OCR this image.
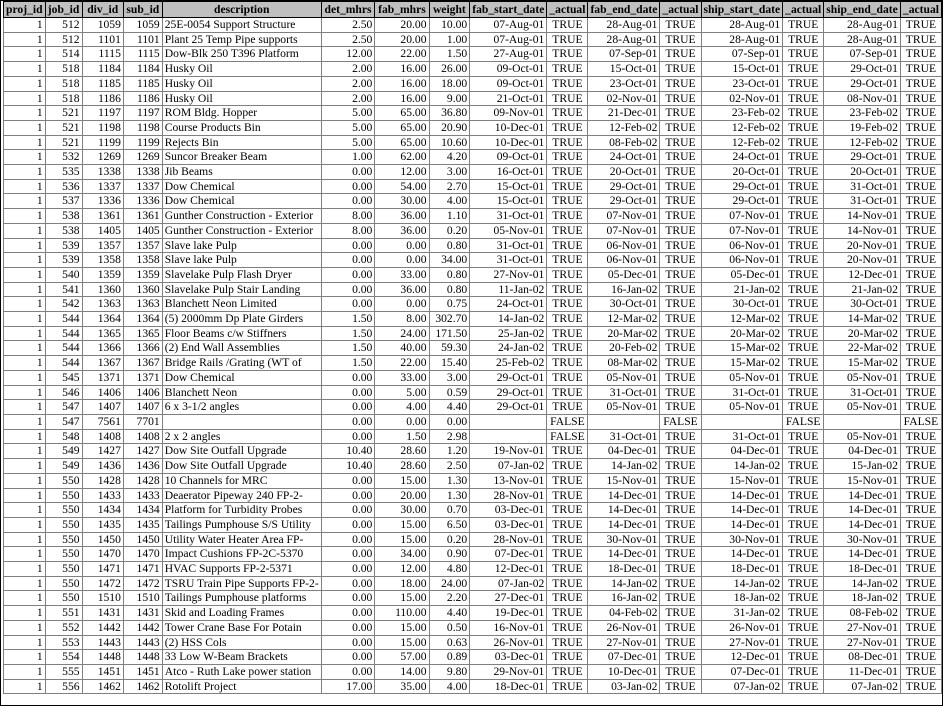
proj_id	job_id	div_id	sub_id	description	det_mhrs	fab_mhrs	weight	fab_start_date	_actual	fab_end_date	_actual	ship_start_date	_actual	ship_end_date	_actual
1	512	1059	1059	25E-0054 Support Structure	2.50	20.00	10.00	07-Aug-01	TRUE	28-Aug-01	TRUE	28-Aug-01	TRUE	28-Aug-01	TRUE
1	512	1101	1101	Plant 25 Temp Pipe supports	2.50	20.00	1.00	07-Aug-01	TRUE	28-Aug-01	TRUE	28-Aug-01	TRUE	28-Aug-01	TRUE
1	514	1115	1115	Dow-Blk 250 T396 Platform	12.00	22.00	1.50	27-Aug-01	TRUE	07-Sep-01	TRUE	07-Sep-01	TRUE	07-Sep-01	TRUE
1	518	1184	1184	Husky Oil	2.00	16.00	26.00	09-Oct-01	TRUE	15-Oct-01	TRUE	15-Oct-01	TRUE	29-Oct-01	TRUE
1	518	1185	1185	Husky Oil	2.00	16.00	18.00	09-Oct-01	TRUE	23-Oct-01	TRUE	23-Oct-01	TRUE	29-Oct-01	TRUE
1	518	1186	1186	Husky Oil	2.00	16.00	9.00	21-Oct-01	TRUE	02-Nov-01	TRUE	02-Nov-01	TRUE	08-Nov-01	TRUE
1	521	1197	1197	ROM Bldg. Hopper	5.00	65.00	36.80	09-Nov-01	TRUE	21-Dec-01	TRUE	23-Feb-02	TRUE	23-Feb-02	TRUE
1	521	1198	1198	Course Products Bin	5.00	65.00	20.90	10-Dec-01	TRUE	12-Feb-02	TRUE	12-Feb-02	TRUE	19-Feb-02	TRUE
1	521	1199	1199	Rejects Bin	5.00	65.00	10.60	10-Dec-01	TRUE	08-Feb-02	TRUE	12-Feb-02	TRUE	12-Feb-02	TRUE
1	532	1269	1269	Suncor Breaker Beam	1.00	62.00	4.20	09-Oct-01	TRUE	24-Oct-01	TRUE	24-Oct-01	TRUE	29-Oct-01	TRUE
1	535	1338	1338	Jib Beams	0.00	12.00	3.00	16-Oct-01	TRUE	20-Oct-01	TRUE	20-Oct-01	TRUE	20-Oct-01	TRUE
1	536	1337	1337	Dow Chemical	0.00	54.00	2.70	15-Oct-01	TRUE	29-Oct-01	TRUE	29-Oct-01	TRUE	31-Oct-01	TRUE
1	537	1336	1336	Dow Chemical	0.00	30.00	4.00	15-Oct-01	TRUE	29-Oct-01	TRUE	29-Oct-01	TRUE	31-Oct-01	TRUE
1	538	1361	1361	Gunther Construction - Exterior	8.00	36.00	1.10	31-Oct-01	TRUE	07-Nov-01	TRUE	07-Nov-01	TRUE	14-Nov-01	TRUE
1	538	1405	1405	Gunther Construction - Exterior	8.00	36.00	0.20	05-Nov-01	TRUE	07-Nov-01	TRUE	07-Nov-01	TRUE	14-Nov-01	TRUE
1	539	1357	1357	Slave lake Pulp	0.00	0.00	0.80	31-Oct-01	TRUE	06-Nov-01	TRUE	06-Nov-01	TRUE	20-Nov-01	TRUE
1	539	1358	1358	Slave lake Pulp	0.00	0.00	34.00	31-Oct-01	TRUE	06-Nov-01	TRUE	06-Nov-01	TRUE	20-Nov-01	TRUE
1	540	1359	1359	Slavelake Pulp Flash Dryer	0.00	33.00	0.80	27-Nov-01	TRUE	05-Dec-01	TRUE	05-Dec-01	TRUE	12-Dec-01	TRUE
1	541	1360	1360	Slavelake Pulp Stair Landing	0.00	36.00	0.80	11-Jan-02	TRUE	16-Jan-02	TRUE	21-Jan-02	TRUE	21-Jan-02	TRUE
1	542	1363	1363	Blanchett Neon Limited	0.00	0.00	0.75	24-Oct-01	TRUE	30-Oct-01	TRUE	30-Oct-01	TRUE	30-Oct-01	TRUE
1	544	1364	1364	(5) 2000mm Dp Plate Girders	1.50	8.00	302.70	14-Jan-02	TRUE	12-Mar-02	TRUE	12-Mar-02	TRUE	14-Mar-02	TRUE
1	544	1365	1365	Floor Beams c/w Stiffners	1.50	24.00	171.50	25-Jan-02	TRUE	20-Mar-02	TRUE	20-Mar-02	TRUE	20-Mar-02	TRUE
1	544	1366	1366	(2) End Wall Assemblies	1.50	40.00	59.30	24-Jan-02	TRUE	20-Feb-02	TRUE	15-Mar-02	TRUE	22-Mar-02	TRUE
1	544	1367	1367	Bridge Rails /Grating (WT of	1.50	22.00	15.40	25-Feb-02	TRUE	08-Mar-02	TRUE	15-Mar-02	TRUE	15-Mar-02	TRUE
1	545	1371	1371	Dow Chemical	0.00	33.00	3.00	29-Oct-01	TRUE	05-Nov-01	TRUE	05-Nov-01	TRUE	05-Nov-01	TRUE
1	546	1406	1406	Blanchett Neon	0.00	5.00	0.59	29-Oct-01	TRUE	31-Oct-01	TRUE	31-Oct-01	TRUE	31-Oct-01	TRUE
1	547	1407	1407	6 x 3-1/2 angles	0.00	4.00	4.40	29-Oct-01	TRUE	05-Nov-01	TRUE	05-Nov-01	TRUE	05-Nov-01	TRUE
1	547	7561	7701		0.00	0.00	0.00		FALSE		FALSE		FALSE		FALSE
1	548	1408	1408	2 x 2 angles	0.00	1.50	2.98		FALSE	31-Oct-01	TRUE	31-Oct-01	TRUE	05-Nov-01	TRUE
1	549	1427	1427	Dow Site Outfall Upgrade	10.40	28.60	1.20	19-Nov-01	TRUE	04-Dec-01	TRUE	04-Dec-01	TRUE	04-Dec-01	TRUE
1	549	1436	1436	Dow Site Outfall Upgrade	10.40	28.60	2.50	07-Jan-02	TRUE	14-Jan-02	TRUE	14-Jan-02	TRUE	15-Jan-02	TRUE
1	550	1428	1428	10 Channels for MRC	0.00	15.00	1.30	13-Nov-01	TRUE	15-Nov-01	TRUE	15-Nov-01	TRUE	15-Nov-01	TRUE
1	550	1433	1433	Deaerator Pipeway 240 FP-2-	0.00	20.00	1.30	28-Nov-01	TRUE	14-Dec-01	TRUE	14-Dec-01	TRUE	14-Dec-01	TRUE
1	550	1434	1434	Platform for Turbidity Probes	0.00	30.00	0.70	03-Dec-01	TRUE	14-Dec-01	TRUE	14-Dec-01	TRUE	14-Dec-01	TRUE
1	550	1435	1435	Tailings Pumphouse S/S Utility	0.00	15.00	6.50	03-Dec-01	TRUE	14-Dec-01	TRUE	14-Dec-01	TRUE	14-Dec-01	TRUE
1	550	1450	1450	Utility Water Heater Area FP-	0.00	15.00	0.20	28-Nov-01	TRUE	30-Nov-01	TRUE	30-Nov-01	TRUE	30-Nov-01	TRUE
1	550	1470	1470	Impact Cushions FP-2C-5370	0.00	34.00	0.90	07-Dec-01	TRUE	14-Dec-01	TRUE	14-Dec-01	TRUE	14-Dec-01	TRUE
1	550	1471	1471	HVAC Supports FP-2-5371	0.00	12.00	4.80	12-Dec-01	TRUE	18-Dec-01	TRUE	18-Dec-01	TRUE	18-Dec-01	TRUE
1	550	1472	1472	TSRU Train Pipe Supports FP-2-	0.00	18.00	24.00	07-Jan-02	TRUE	14-Jan-02	TRUE	14-Jan-02	TRUE	14-Jan-02	TRUE
1	550	1510	1510	Tailings Pumphouse platforms	0.00	15.00	2.20	27-Dec-01	TRUE	16-Jan-02	TRUE	18-Jan-02	TRUE	18-Jan-02	TRUE
1	551	1431	1431	Skid and Loading Frames	0.00	110.00	4.40	19-Dec-01	TRUE	04-Feb-02	TRUE	31-Jan-02	TRUE	08-Feb-02	TRUE
1	552	1442	1442	Tower Crane Base For Potain	0.00	15.00	0.50	16-Nov-01	TRUE	26-Nov-01	TRUE	26-Nov-01	TRUE	27-Nov-01	TRUE
1	553	1443	1443	(2) HSS Cols	0.00	15.00	0.63	26-Nov-01	TRUE	27-Nov-01	TRUE	27-Nov-01	TRUE	27-Nov-01	TRUE
1	554	1448	1448	33 Low W-Beam Brackets	0.00	57.00	0.89	03-Dec-01	TRUE	07-Dec-01	TRUE	12-Dec-01	TRUE	08-Dec-01	TRUE
1	555	1451	1451	Atco - Ruth Lake power station	0.00	14.00	9.80	29-Nov-01	TRUE	10-Dec-01	TRUE	07-Dec-01	TRUE	11-Dec-01	TRUE
1	556	1462	1462	Rotolift Project	17.00	35.00	4.00	18-Dec-01	TRUE	03-Jan-02	TRUE	07-Jan-02	TRUE	07-Jan-02	TRUE
